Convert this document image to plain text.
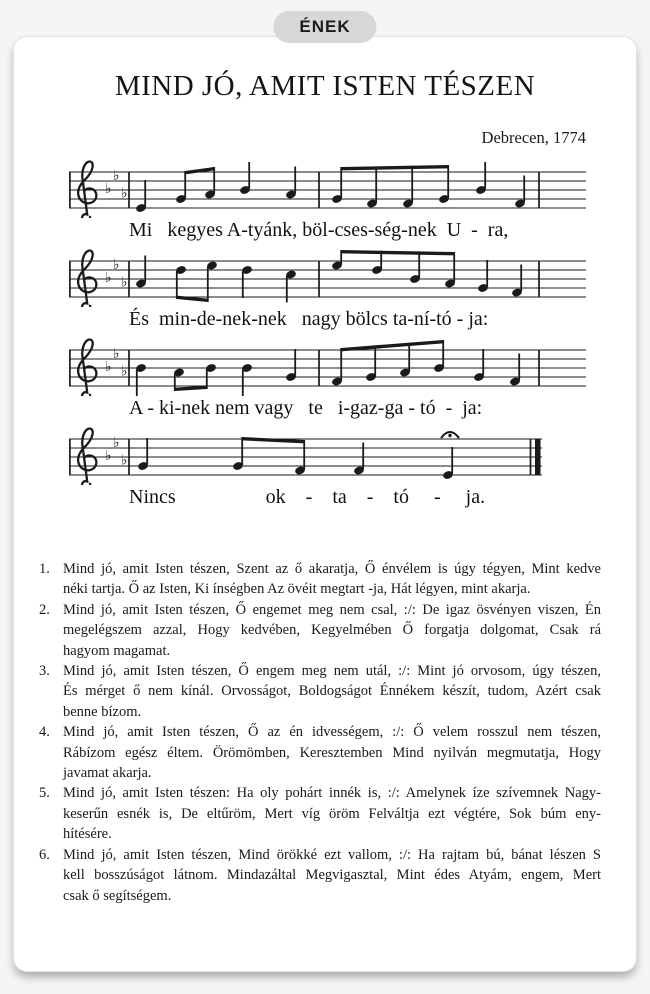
ÉNEK
MIND JÓ, AMIT ISTEN TÉSZEN
Debrecen, 1774
♭
♭
♭
Mi   kegyes A-tyánk, böl-cses-ség-nek  U  -  ra,
♭
♭
♭
És  min-de-nek-nek   nagy bölcs ta-ní-tó - ja:
♭
♭
♭
A - ki-nek nem vagy   te   i-gaz-ga - tó  -  ja:
♭
♭
♭
Nincs                  ok    -    ta    -    tó     -     ja.
1. Mind jó, amit Isten tészen, Szent az ő akaratja, Ő énvélem is úgy tégyen, Mint kedve
néki tartja. Ő az Isten, Ki ínségben Az övéit megtart -ja, Hát légyen, mint akarja.
2. Mind jó, amit Isten tészen, Ő engemet meg nem csal, :/: De igaz ösvényen viszen, Én
megelégszem azzal, Hogy kedvében, Kegyelmében Ő forgatja dolgomat, Csak rá
hagyom magamat.
3. Mind jó, amit Isten tészen, Ő engem meg nem utál, :/: Mint jó orvosom, úgy tészen,
És mérget ő nem kínál. Orvosságot, Boldogságot Énnékem készít, tudom, Azért csak
benne bízom.
4. Mind jó, amit Isten tészen, Ő az én idvességem, :/: Ő velem rosszul nem tészen,
Rábízom egész éltem. Örömömben, Keresztemben Mind nyilván megmutatja, Hogy
javamat akarja.
5. Mind jó, amit Isten tészen: Ha oly pohárt innék is, :/: Amelynek íze szívemnek Nagy-
keserűn esnék is, De eltűröm, Mert víg öröm Felváltja ezt végtére, Sok búm eny-
hítésére.
6. Mind jó, amit Isten tészen, Mind örökké ezt vallom, :/: Ha rajtam bú, bánat lészen S
kell bosszúságot látnom. Mindazáltal Megvigasztal, Mint édes Atyám, engem, Mert
csak ő segítségem.
